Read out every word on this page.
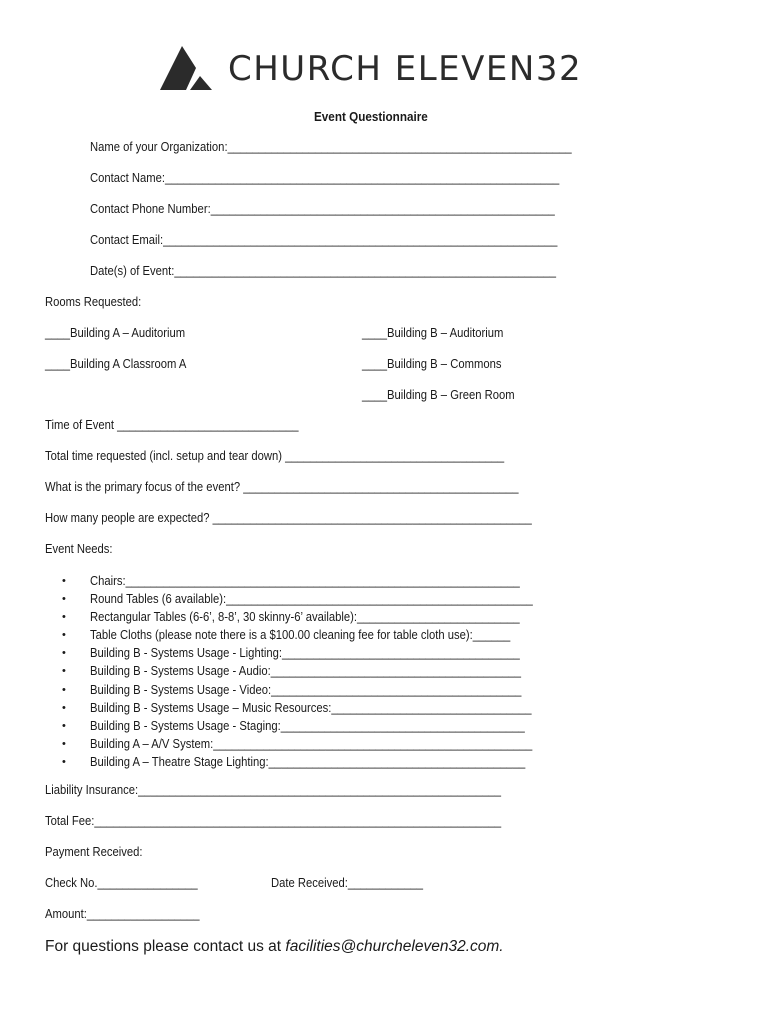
CHURCH ELEVEN32
Event Questionnaire
Name of your Organization:_______________________________________________________
Contact Name:_______________________________________________________________
Contact Phone Number:_______________________________________________________
Contact Email:_______________________________________________________________
Date(s) of Event:_____________________________________________________________
Rooms Requested:
____Building A – Auditorium
____Building A Classroom A
____Building B – Auditorium
____Building B – Commons
____Building B – Green Room
Time of Event _____________________________
Total time requested (incl. setup and tear down) ___________________________________
What is the primary focus of the event? ____________________________________________
How many people are expected? ___________________________________________________
Event Needs:
• Chairs:_______________________________________________________________
• Round Tables (6 available):_________________________________________________
• Rectangular Tables (6-6’, 8-8’, 30 skinny-6’ available):__________________________
• Table Cloths (please note there is a $100.00 cleaning fee for table cloth use):______
• Building B - Systems Usage - Lighting:______________________________________
• Building B - Systems Usage - Audio:________________________________________
• Building B - Systems Usage - Video:________________________________________
• Building B - Systems Usage – Music Resources:________________________________
• Building B - Systems Usage - Staging:_______________________________________
• Building A – A/V System:___________________________________________________
• Building A – Theatre Stage Lighting:_________________________________________
Liability Insurance:__________________________________________________________
Total Fee:_________________________________________________________________
Payment Received:
Check No.________________	Date Received:____________
Amount:__________________
For questions please contact us at facilities@churcheleven32.com.
